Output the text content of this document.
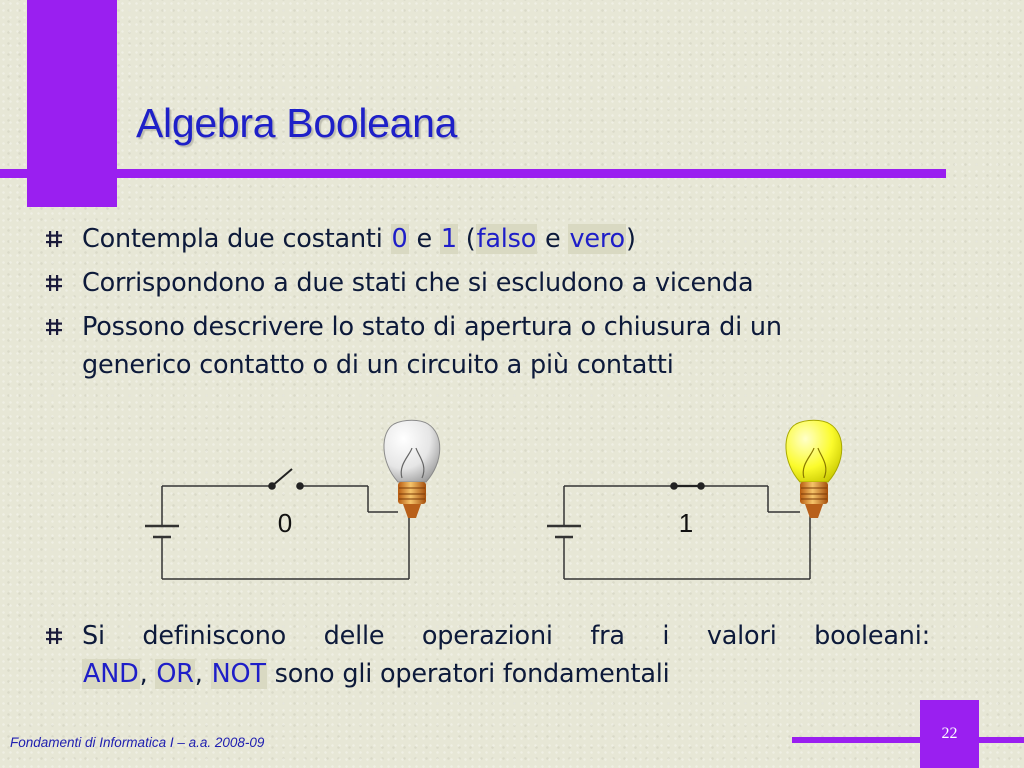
Algebra Booleana
Contempla due costanti 0 e 1 (falso e vero)
Corrispondono a due stati che si escludono a vicenda
Possono descrivere lo stato di apertura o chiusura di un
generico contatto o di un circuito a più contatti
0	1
Si definiscono delle operazioni fra i valori booleani:
AND, OR, NOT sono gli operatori fondamentali
Fondamenti di Informatica I – a.a. 2008-09
22
